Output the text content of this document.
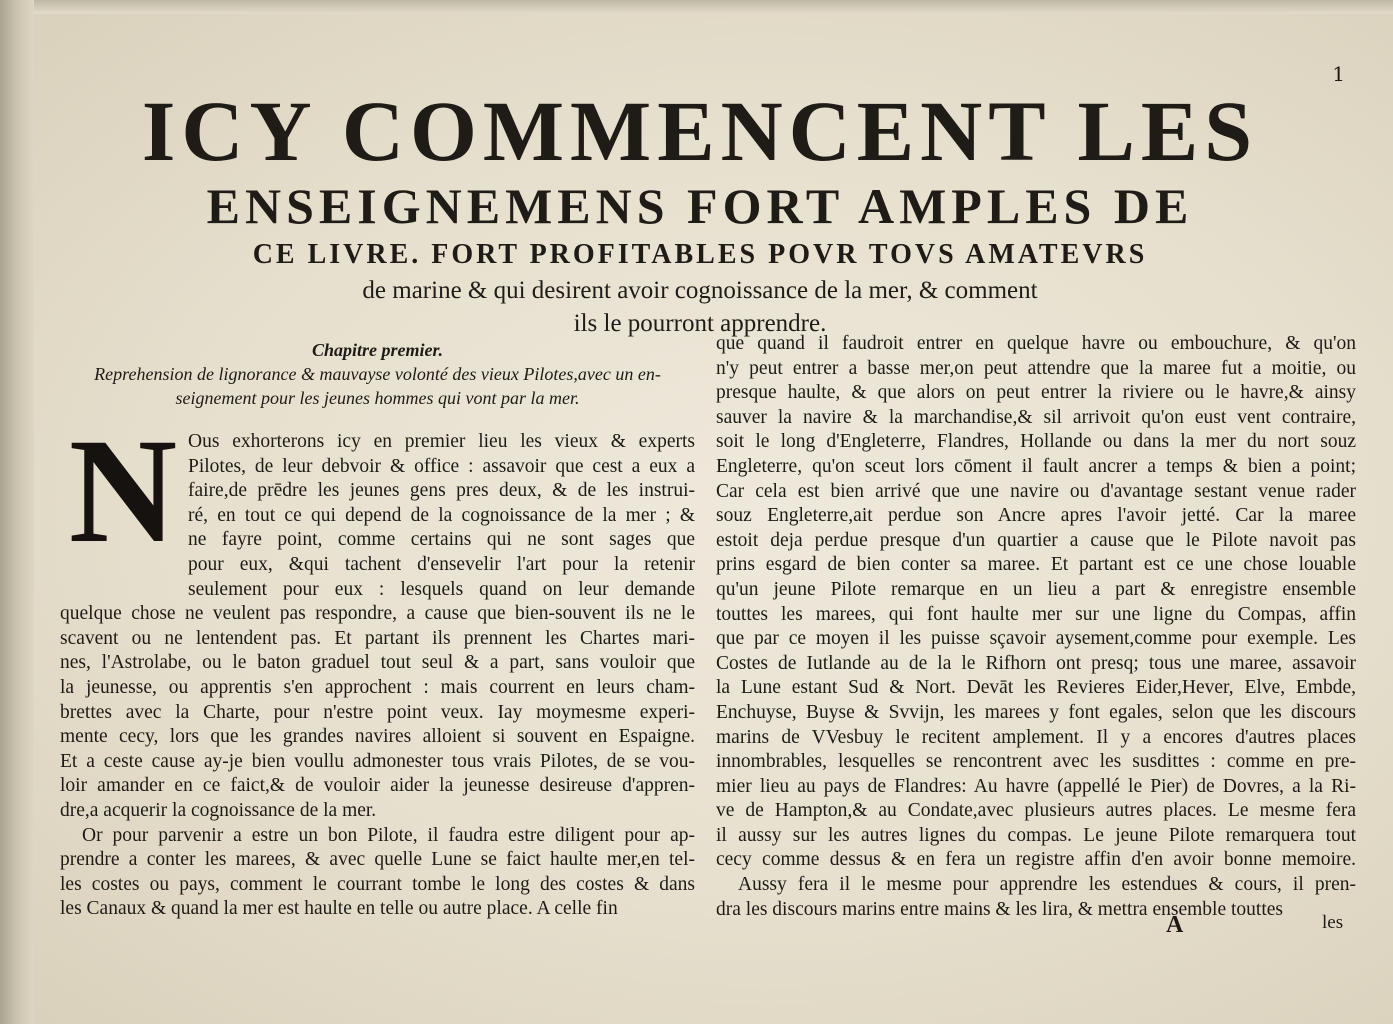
1
ICY COMMENCENT LES
ENSEIGNEMENS FORT AMPLES DE
CE LIVRE. FORT PROFITABLES POVR TOVS AMATEVRS
de marine & qui desirent avoir cognoissance de la mer, & comment
ils le pourront apprendre.
N
Chapitre premier.
Reprehension de lignorance & mauvayse volonté des vieux Pilotes,avec un en-
seignement pour les jeunes hommes qui vont par la mer.
Ous exhorterons icy en premier lieu les vieux & experts
Pilotes, de leur debvoir & office : assavoir que cest a eux a
faire,de prēdre les jeunes gens pres deux, & de les instrui-
ré, en tout ce qui depend de la cognoissance de la mer ; &
ne fayre point, comme certains qui ne sont sages que
pour eux, &qui tachent d'ensevelir l'art pour la retenir
seulement pour eux : lesquels quand on leur demande
quelque chose ne veulent pas respondre, a cause que bien-souvent ils ne le
scavent ou ne lentendent pas. Et partant ils prennent les Chartes mari-
nes, l'Astrolabe, ou le baton graduel tout seul & a part, sans vouloir que
la jeunesse, ou apprentis s'en approchent : mais courrent en leurs cham-
brettes avec la Charte, pour n'estre point veux. Iay moymesme experi-
mente cecy, lors que les grandes navires alloient si souvent en Espaigne.
Et a ceste cause ay-je bien voullu admonester tous vrais Pilotes, de se vou-
loir amander en ce faict,& de vouloir aider la jeunesse desireuse d'appren-
dre,a acquerir la cognoissance de la mer.
Or pour parvenir a estre un bon Pilote, il faudra estre diligent pour ap-
prendre a conter les marees, & avec quelle Lune se faict haulte mer,en tel-
les costes ou pays, comment le courrant tombe le long des costes & dans
les Canaux & quand la mer est haulte en telle ou autre place. A celle fin
que quand il faudroit entrer en quelque havre ou embouchure, & qu'on
n'y peut entrer a basse mer,on peut attendre que la maree fut a moitie, ou
presque haulte, & que alors on peut entrer la riviere ou le havre,& ainsy
sauver la navire & la marchandise,& sil arrivoit qu'on eust vent contraire,
soit le long d'Engleterre, Flandres, Hollande ou dans la mer du nort souz
Engleterre, qu'on sceut lors cōment il fault ancrer a temps & bien a point;
Car cela est bien arrivé que une navire ou d'avantage sestant venue rader
souz Engleterre,ait perdue son Ancre apres l'avoir jetté. Car la maree
estoit deja perdue presque d'un quartier a cause que le Pilote navoit pas
prins esgard de bien conter sa maree. Et partant est ce une chose louable
qu'un jeune Pilote remarque en un lieu a part & enregistre ensemble
touttes les marees, qui font haulte mer sur une ligne du Compas, affin
que par ce moyen il les puisse sçavoir aysement,comme pour exemple. Les
Costes de Iutlande au de la le Rifhorn ont presq; tous une maree, assavoir
la Lune estant Sud & Nort. Devāt les Revieres Eider,Hever, Elve, Embde,
Enchuyse, Buyse & Svvijn, les marees y font egales, selon que les discours
marins de VVesbuy le recitent amplement. Il y a encores d'autres places
innombrables, lesquelles se rencontrent avec les susdittes : comme en pre-
mier lieu au pays de Flandres: Au havre (appellé le Pier) de Dovres, a la Ri-
ve de Hampton,& au Condate,avec plusieurs autres places. Le mesme fera
il aussy sur les autres lignes du compas. Le jeune Pilote remarquera tout
cecy comme dessus & en fera un registre affin d'en avoir bonne memoire.
Aussy fera il le mesme pour apprendre les estendues & cours, il pren-
dra les discours marins entre mains & les lira, & mettra ensemble touttes
A	les
